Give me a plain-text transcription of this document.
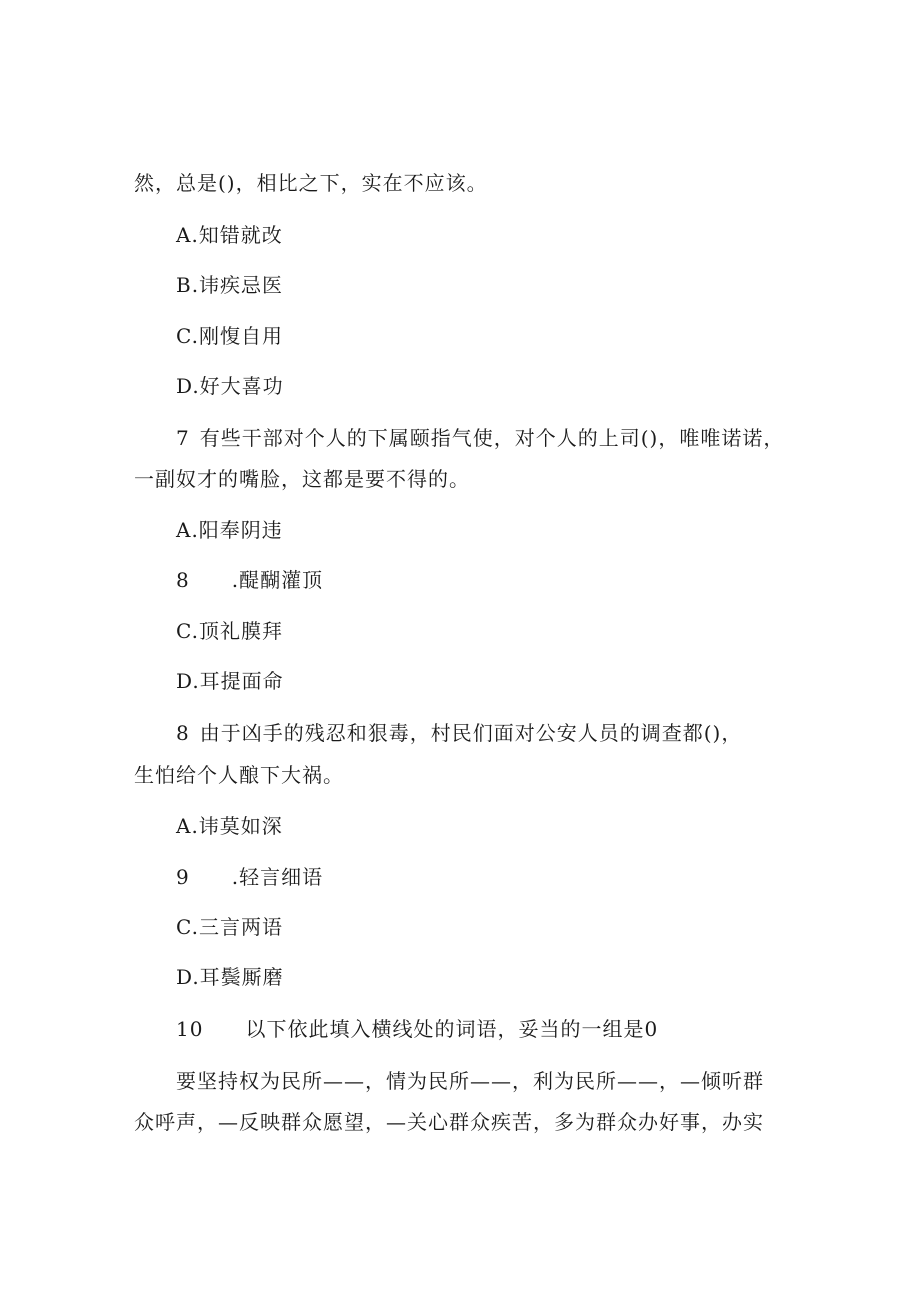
然，总是()，相比之下，实在不应该。
A.知错就改
B.讳疾忌医
C.刚愎自用
D.好大喜功
7 有些干部对个人的下属颐指气使，对个人的上司()，唯唯诺诺，
一副奴才的嘴脸，这都是要不得的。
A.阳奉阴违
8 .醍醐灌顶
C.顶礼膜拜
D.耳提面命
8 由于凶手的残忍和狠毒，村民们面对公安人员的调查都()，
生怕给个人酿下大祸。
A.讳莫如深
9 .轻言细语
C.三言两语
D.耳鬓厮磨
10 以下依此填入横线处的词语，妥当的一组是0
要坚持权为民所——，情为民所——，利为民所——，—倾听群
众呼声，—反映群众愿望，—关心群众疾苦，多为群众办好事，办实
